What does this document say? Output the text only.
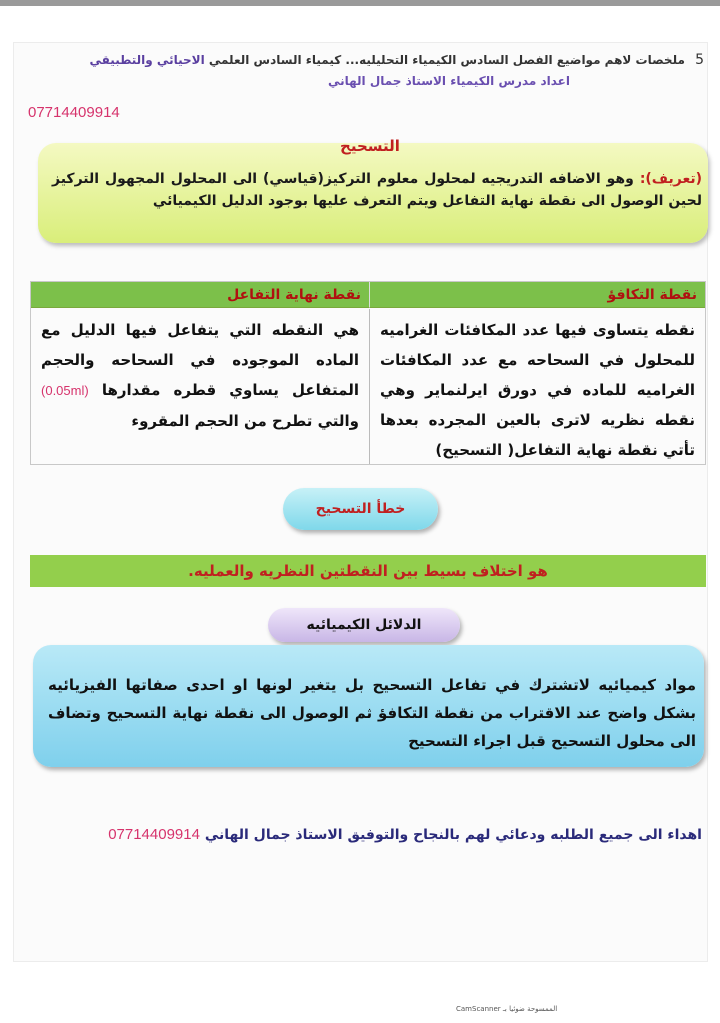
5 ملخصات لاهم مواضيع الفصل السادس الكيمياء التحليليه... كيمياء السادس العلمي الاحيائي والتطبيقي
اعداد مدرس الكيمياء الاستاذ جمال الهاني
07714409914
التسحيح
(تعريف): وهو الاضافه التدريجيه لمحلول معلوم التركيز(قياسي) الى المحلول المجهول التركيز لحين الوصول الى نقطة نهاية التفاعل ويتم التعرف عليها بوجود الدليل الكيميائي
نقطة التكافؤ
نقطة نهاية التفاعل
نقطه يتساوى فيها عدد المكافئات الغراميه للمحلول في السحاحه مع عدد المكافئات الغراميه للماده في دورق ايرلنماير وهي نقطه نظريه لاترى بالعين المجرده بعدها تأتي نقطة نهاية التفاعل( التسحيح)
هي النقطه التي يتفاعل فيها الدليل مع الماده الموجوده في السحاحه والحجم المتفاعل يساوي قطره مقدارها (0.05ml) والتي تطرح من الحجم المقروء
خطأ التسحيح
هو اختلاف بسيط بين النقطتين النظريه والعمليه.
الدلائل الكيميائيه
مواد كيميائيه لاتشترك في تفاعل التسحيح بل يتغير لونها او احدى صفاتها الفيزيائيه بشكل واضح عند الاقتراب من نقطة التكافؤ ثم الوصول الى نقطة نهاية التسحيح وتضاف الى محلول التسحيح قبل اجراء التسحيح
اهداء الى جميع الطلبه ودعائي لهم بالنجاح والتوفيق الاستاذ جمال الهاني 07714409914
الممسوحة ضوئيا بـ CamScanner
